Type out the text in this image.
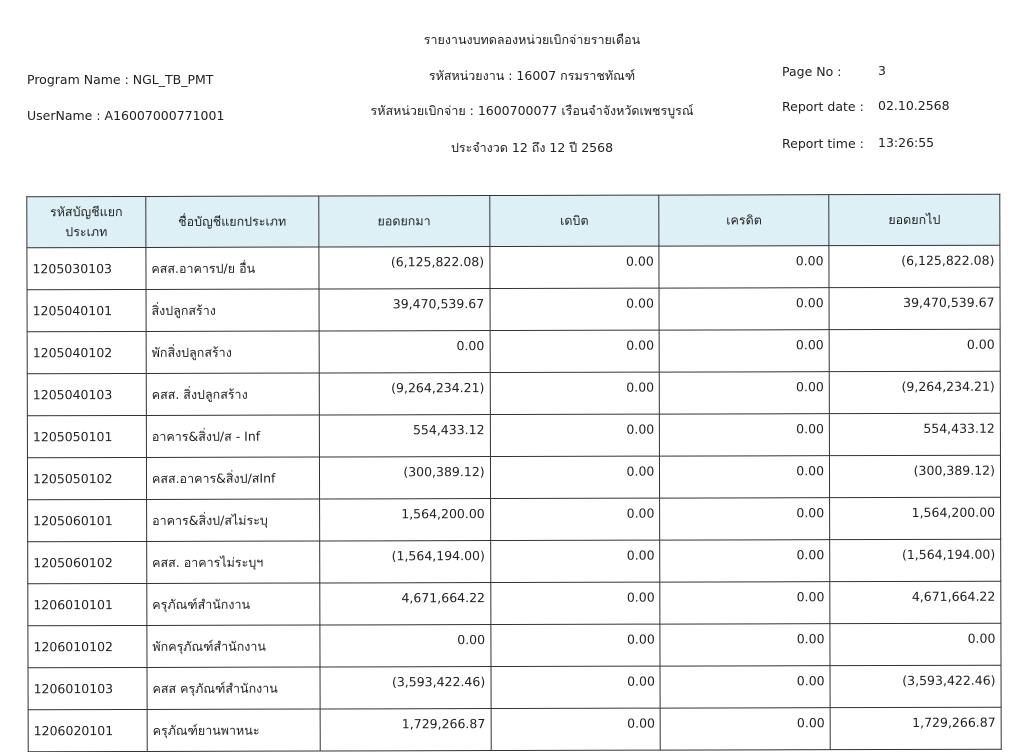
รายงานงบทดลองหน่วยเบิกจ่ายรายเดือน
รหัสหน่วยงาน : 16007 กรมราชทัณฑ์
รหัสหน่วยเบิกจ่าย : 1600700077 เรือนจำจังหวัดเพชรบูรณ์
ประจำงวด 12 ถึง 12 ปี 2568
Program Name : NGL_TB_PMT
UserName : A16007000771001
Page No :	3
Report date : 02.10.2568
Report time : 13:26:55
รหัสบัญชีแยกประเภท	ชื่อบัญชีแยกประเภท	ยอดยกมา	เดบิต	เครดิต	ยอดยกไป
1205030103	คสส.อาคารป/ย อื่น	(6,125,822.08)	0.00	0.00	(6,125,822.08)
1205040101	สิ่งปลูกสร้าง	39,470,539.67	0.00	0.00	39,470,539.67
1205040102	พักสิ่งปลูกสร้าง	0.00	0.00	0.00	0.00
1205040103	คสส. สิ่งปลูกสร้าง	(9,264,234.21)	0.00	0.00	(9,264,234.21)
1205050101	อาคาร&สิ่งป/ส - Inf	554,433.12	0.00	0.00	554,433.12
1205050102	คสส.อาคาร&สิ่งป/สInf	(300,389.12)	0.00	0.00	(300,389.12)
1205060101	อาคาร&สิ่งป/สไม่ระบุ	1,564,200.00	0.00	0.00	1,564,200.00
1205060102	คสส. อาคารไม่ระบุฯ	(1,564,194.00)	0.00	0.00	(1,564,194.00)
1206010101	ครุภัณฑ์สำนักงาน	4,671,664.22	0.00	0.00	4,671,664.22
1206010102	พักครุภัณฑ์สำนักงาน	0.00	0.00	0.00	0.00
1206010103	คสส ครุภัณฑ์สำนักงาน	(3,593,422.46)	0.00	0.00	(3,593,422.46)
1206020101	ครุภัณฑ์ยานพาหนะ	1,729,266.87	0.00	0.00	1,729,266.87
